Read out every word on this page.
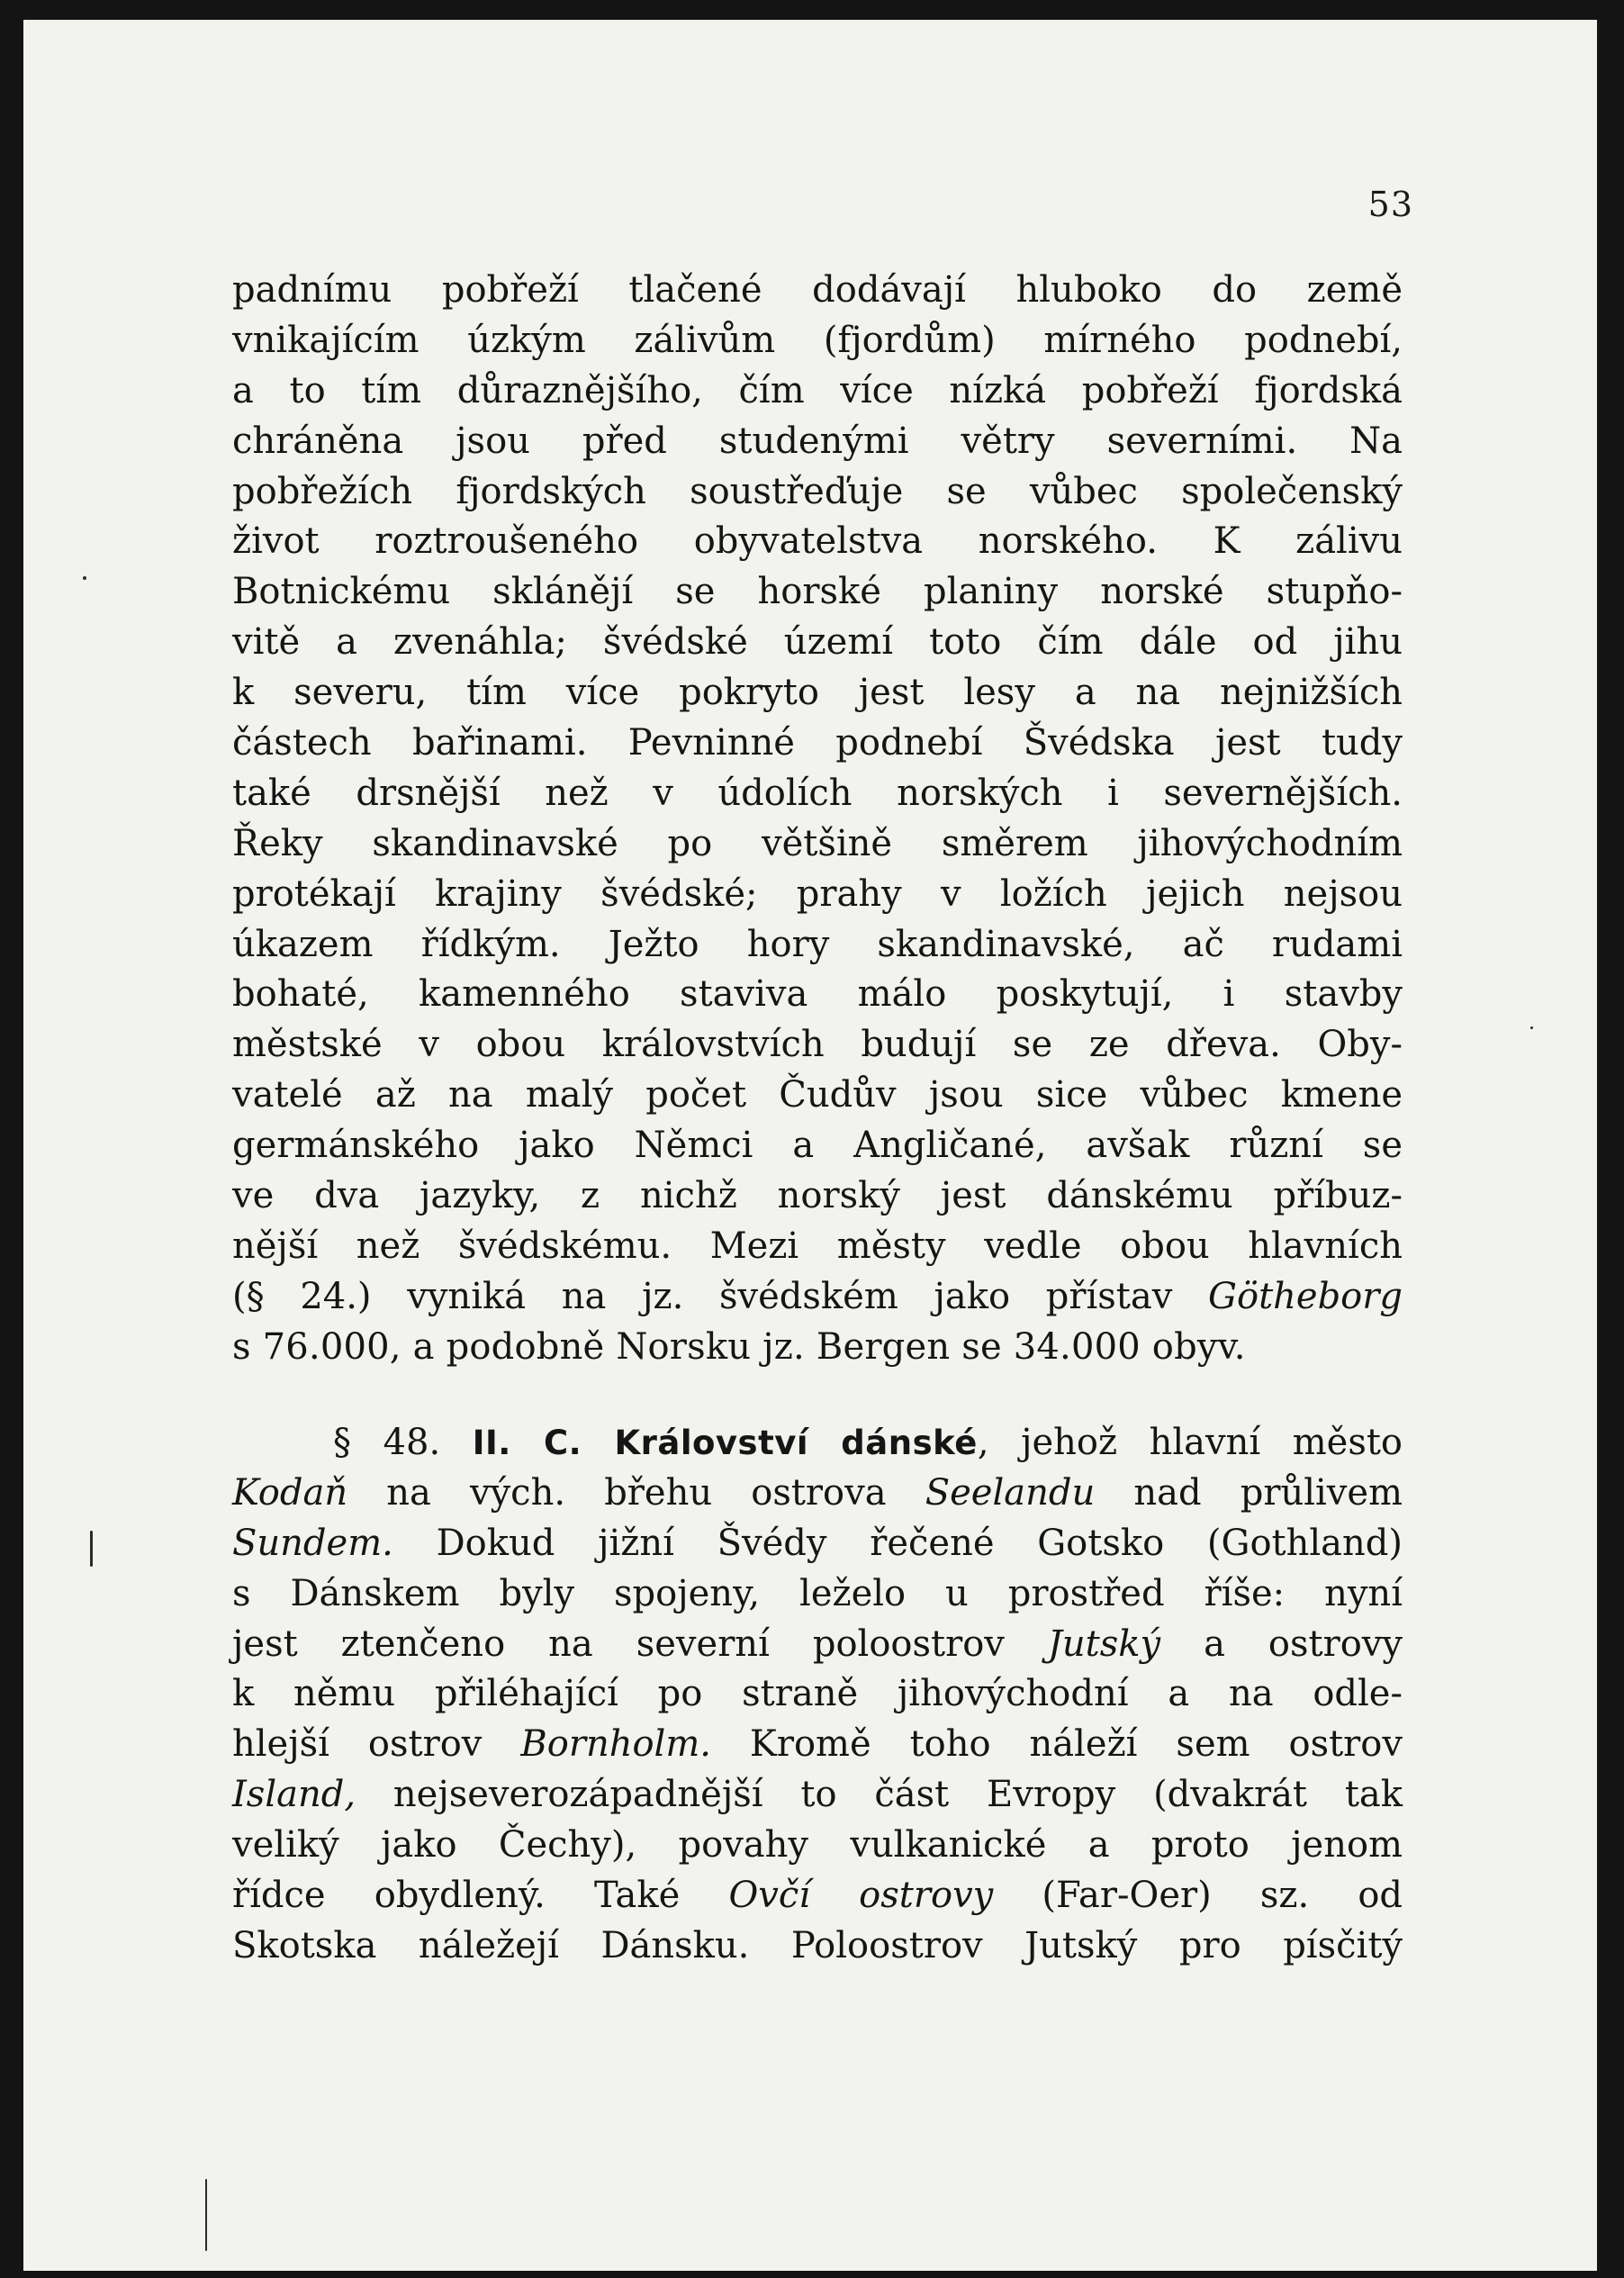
53
padnímu pobřeží tlačené dodávají hluboko do země
vnikajícím úzkým zálivům (fjordům) mírného podnebí,
a to tím důraznějšího, čím více nízká pobřeží fjordská
chráněna jsou před studenými větry severními. Na
pobřežích fjordských soustřeďuje se vůbec společenský
život roztroušeného obyvatelstva norského. K zálivu
Botnickému sklánějí se horské planiny norské stupňo-
vitě a zvenáhla; švédské území toto čím dále od jihu
k severu, tím více pokryto jest lesy a na nejnižších
částech bařinami. Pevninné podnebí Švédska jest tudy
také drsnější než v údolích norských i severnějších.
Řeky skandinavské po většině směrem jihovýchodním
protékají krajiny švédské; prahy v ložích jejich nejsou
úkazem řídkým. Ježto hory skandinavské, ač rudami
bohaté, kamenného staviva málo poskytují, i stavby
městské v obou královstvích budují se ze dřeva. Oby-
vatelé až na malý počet Čudův jsou sice vůbec kmene
germánského jako Němci a Angličané, avšak různí se
ve dva jazyky, z nichž norský jest dánskému příbuz-
nější než švédskému. Mezi městy vedle obou hlavních
(§ 24.) vyniká na jz. švédském jako přístav Götheborg
s 76.000, a podobně Norsku jz. Bergen se 34.000 obyv.
§ 48. II. C. Království dánské, jehož hlavní město
Kodaň na vých. břehu ostrova Seelandu nad průlivem
Sundem. Dokud jižní Švédy řečené Gotsko (Gothland)
s Dánskem byly spojeny, leželo u prostřed říše: nyní
jest ztenčeno na severní poloostrov Jutský a ostrovy
k němu přiléhající po straně jihovýchodní a na odle-
hlejší ostrov Bornholm. Kromě toho náleží sem ostrov
Island, nejseverozápadnější to část Evropy (dvakrát tak
veliký jako Čechy), povahy vulkanické a proto jenom
řídce obydlený. Také Ovčí ostrovy (Far-Oer) sz. od
Skotska náležejí Dánsku. Poloostrov Jutský pro písčitý
